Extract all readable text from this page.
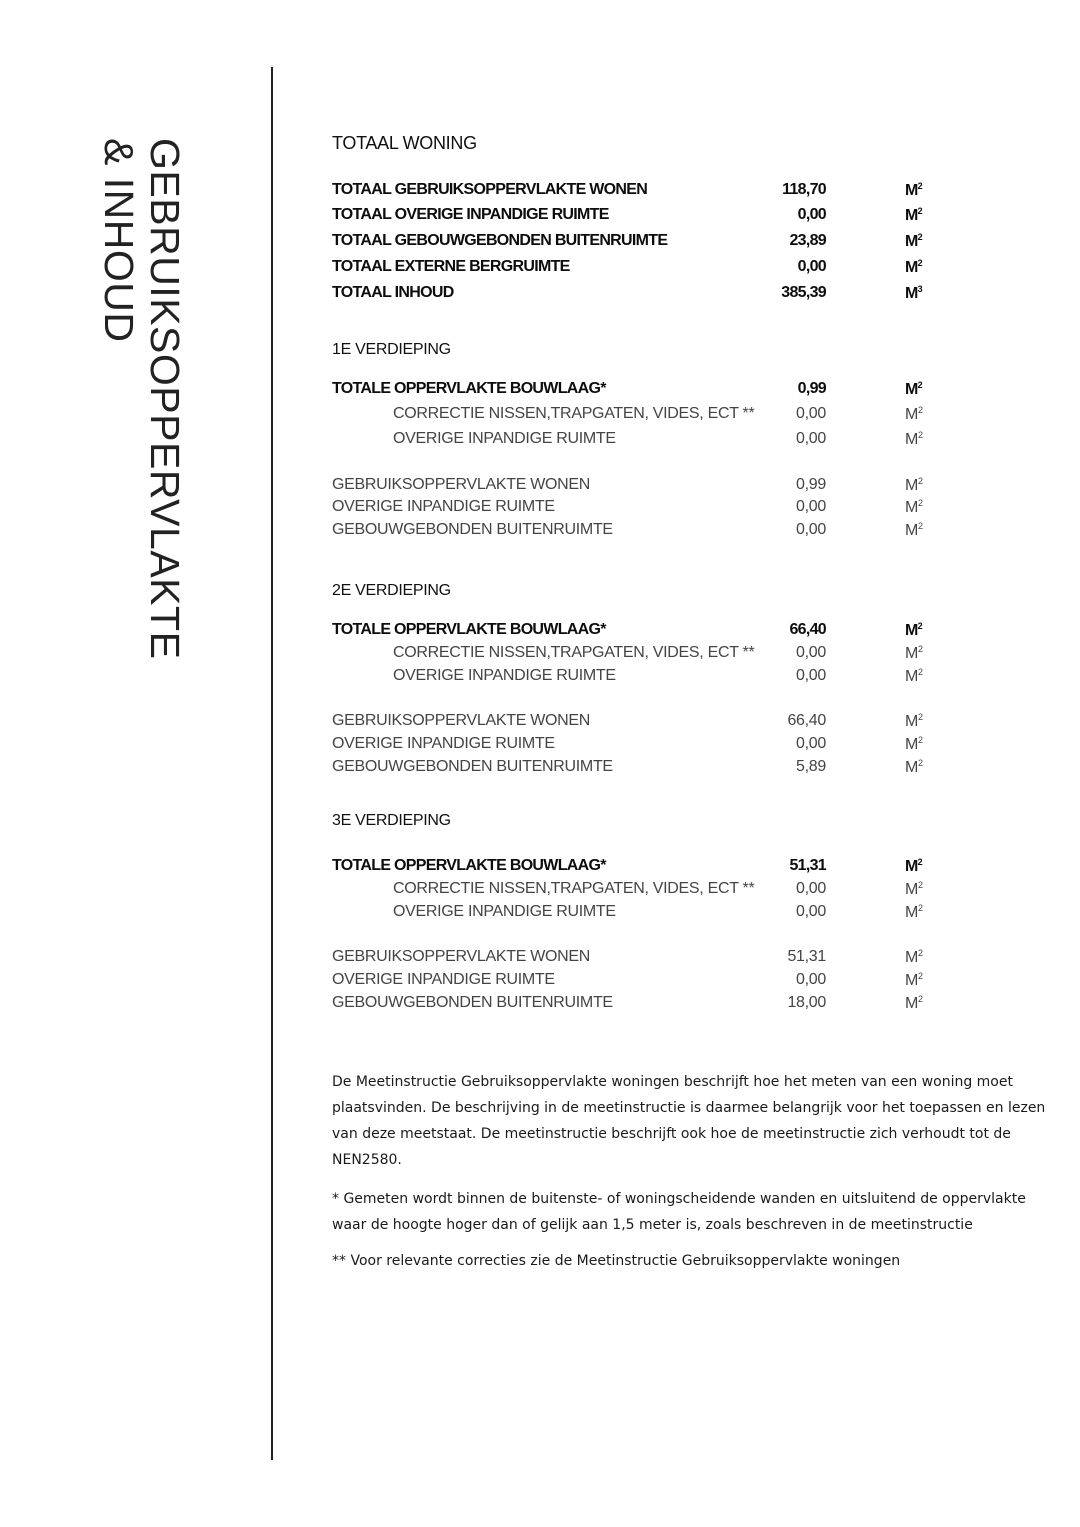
GEBRUIKSOPPERVLAKTE
& INHOUD	TOTAAL WONING
TOTAAL GEBRUIKSOPPERVLAKTE WONEN	118,70	$M^2$
TOTAAL OVERIGE INPANDIGE RUIMTE	0,00	$M^2$
TOTAAL GEBOUWGEBONDEN BUITENRUIMTE	23,89	$M^2$
TOTAAL EXTERNE BERGRUIMTE	0,00	$M^2$
TOTAAL INHOUD	385,39	$M^3$
1E VERDIEPING
TOTALE OPPERVLAKTE BOUWLAAG*	0,99	$M^2$
CORRECTIE NISSEN,TRAPGATEN, VIDES, ECT **	0,00	$M^2$
OVERIGE INPANDIGE RUIMTE	0,00	$M^2$
GEBRUIKSOPPERVLAKTE WONEN	0,99	$M^2$
OVERIGE INPANDIGE RUIMTE	0,00	$M^2$
GEBOUWGEBONDEN BUITENRUIMTE	0,00	$M^2$
2E VERDIEPING
TOTALE OPPERVLAKTE BOUWLAAG*	66,40	$M^2$
CORRECTIE NISSEN,TRAPGATEN, VIDES, ECT **	0,00	$M^2$
OVERIGE INPANDIGE RUIMTE	0,00	$M^2$
GEBRUIKSOPPERVLAKTE WONEN	66,40	$M^2$
OVERIGE INPANDIGE RUIMTE	0,00	$M^2$
GEBOUWGEBONDEN BUITENRUIMTE	5,89	$M^2$
3E VERDIEPING
TOTALE OPPERVLAKTE BOUWLAAG*	51,31	$M^2$
CORRECTIE NISSEN,TRAPGATEN, VIDES, ECT **	0,00	$M^2$
OVERIGE INPANDIGE RUIMTE	0,00	$M^2$
GEBRUIKSOPPERVLAKTE WONEN	51,31	$M^2$
OVERIGE INPANDIGE RUIMTE	0,00	$M^2$
GEBOUWGEBONDEN BUITENRUIMTE	18,00	$M^2$
De Meetinstructie Gebruiksoppervlakte woningen beschrijft hoe het meten van een woning moet plaatsvinden. De beschrijving in de meetinstructie is daarmee belangrijk voor het toepassen en lezen van deze meetstaat. De meetinstructie beschrijft ook hoe de meetinstructie zich verhoudt tot de NEN2580.
* Gemeten wordt binnen de buitenste- of woningscheidende wanden en uitsluitend de oppervlakte waar de hoogte hoger dan of gelijk aan 1,5 meter is, zoals beschreven in de meetinstructie
** Voor relevante correcties zie de Meetinstructie Gebruiksoppervlakte woningen
